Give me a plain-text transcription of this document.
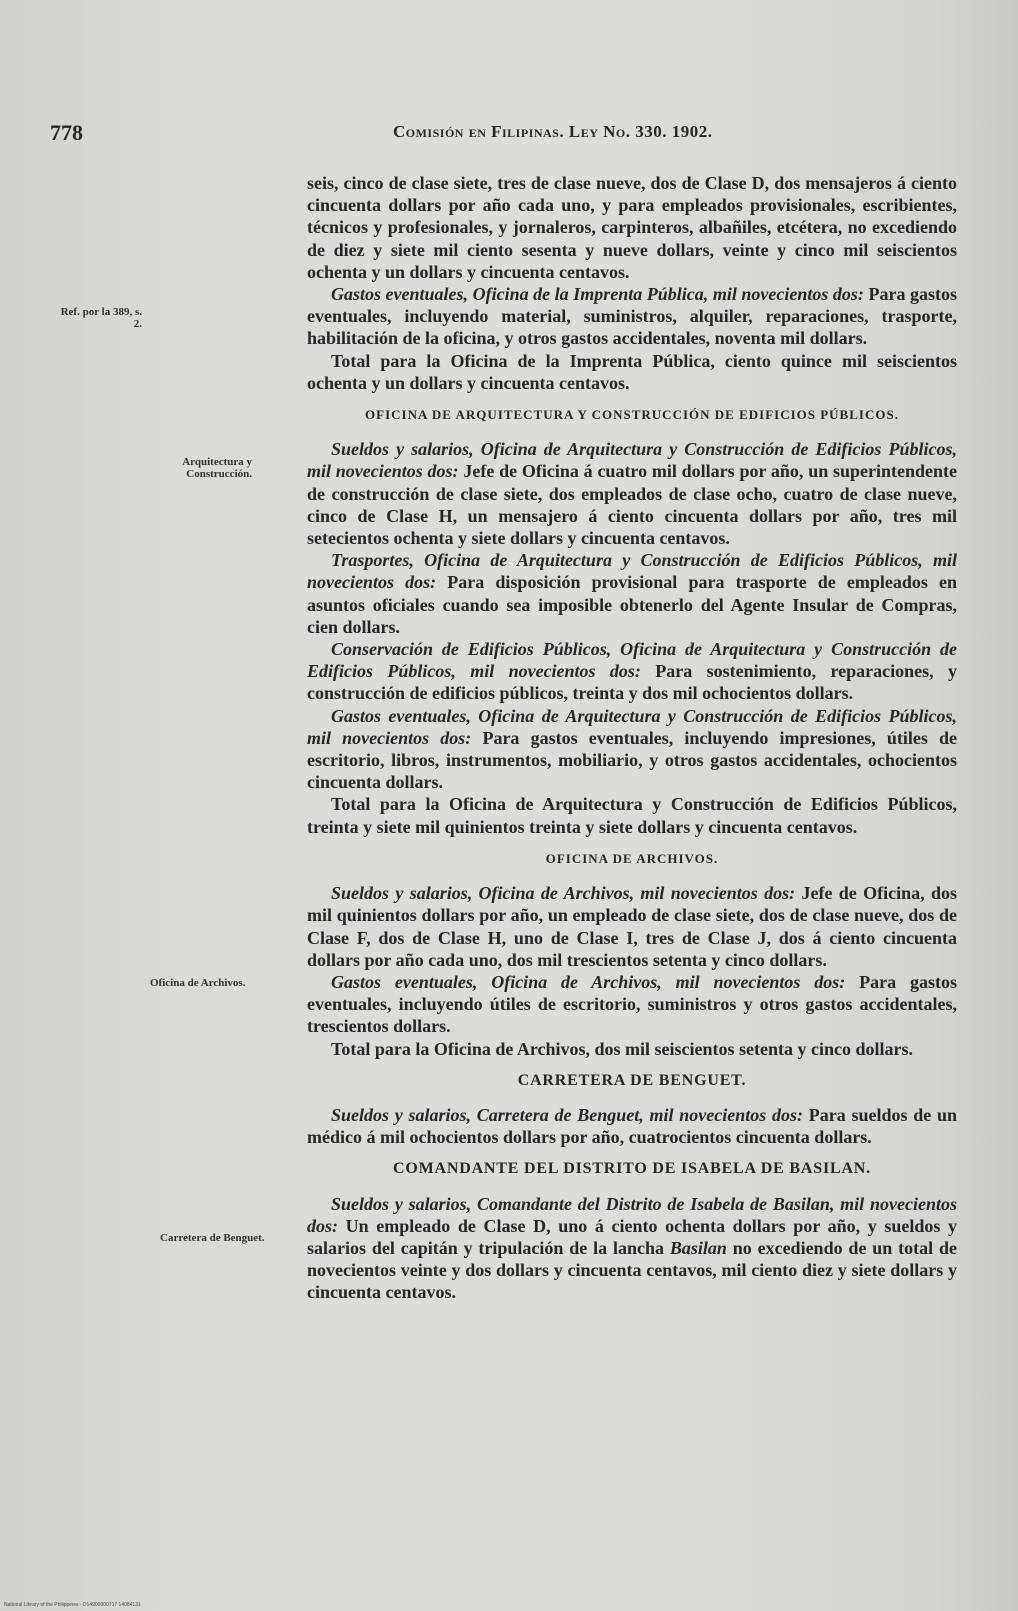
778	Comisión en Filipinas. Ley No. 330. 1902.
Ref. por la 389, s. 2.
Arquitectura y Construcción.
Oficina de Archivos.
Carretera de Benguet.

seis, cinco de clase siete, tres de clase nueve, dos de Clase D, dos mensajeros á ciento cincuenta dollars por año cada uno, y para empleados provisionales, escribientes, técnicos y profesionales, y jornaleros, carpinteros, albañiles, etcétera, no excediendo de diez y siete mil ciento sesenta y nueve dollars, veinte y cinco mil seiscientos ochenta y un dollars y cincuenta centavos.

Gastos eventuales, Oficina de la Imprenta Pública, mil novecientos dos: Para gastos eventuales, incluyendo material, suministros, alquiler, reparaciones, trasporte, habilitación de la oficina, y otros gastos accidentales, noventa mil dollars.

Total para la Oficina de la Imprenta Pública, ciento quince mil seiscientos ochenta y un dollars y cincuenta centavos.

OFICINA DE ARQUITECTURA Y CONSTRUCCIÓN DE EDIFICIOS PÚBLICOS.

Sueldos y salarios, Oficina de Arquitectura y Construcción de Edificios Públicos, mil novecientos dos: Jefe de Oficina á cuatro mil dollars por año, un superintendente de construcción de clase siete, dos empleados de clase ocho, cuatro de clase nueve, cinco de Clase H, un mensajero á ciento cincuenta dollars por año, tres mil setecientos ochenta y siete dollars y cincuenta centavos.

Trasportes, Oficina de Arquitectura y Construcción de Edificios Públicos, mil novecientos dos: Para disposición provisional para trasporte de empleados en asuntos oficiales cuando sea imposible obtenerlo del Agente Insular de Compras, cien dollars.

Conservación de Edificios Públicos, Oficina de Arquitectura y Construcción de Edificios Públicos, mil novecientos dos: Para sostenimiento, reparaciones, y construcción de edificios públicos, treinta y dos mil ochocientos dollars.

Gastos eventuales, Oficina de Arquitectura y Construcción de Edificios Públicos, mil novecientos dos: Para gastos eventuales, incluyendo impresiones, útiles de escritorio, libros, instrumentos, mobiliario, y otros gastos accidentales, ochocientos cincuenta dollars.

Total para la Oficina de Arquitectura y Construcción de Edificios Públicos, treinta y siete mil quinientos treinta y siete dollars y cincuenta centavos.

OFICINA DE ARCHIVOS.

Sueldos y salarios, Oficina de Archivos, mil novecientos dos: Jefe de Oficina, dos mil quinientos dollars por año, un empleado de clase siete, dos de clase nueve, dos de Clase F, dos de Clase H, uno de Clase I, tres de Clase J, dos á ciento cincuenta dollars por año cada uno, dos mil trescientos setenta y cinco dollars.

Gastos eventuales, Oficina de Archivos, mil novecientos dos: Para gastos eventuales, incluyendo útiles de escritorio, suministros y otros gastos accidentales, trescientos dollars.

Total para la Oficina de Archivos, dos mil seiscientos setenta y cinco dollars.

CARRETERA DE BENGUET.

Sueldos y salarios, Carretera de Benguet, mil novecientos dos: Para sueldos de un médico á mil ochocientos dollars por año, cuatrocientos cincuenta dollars.

COMANDANTE DEL DISTRITO DE ISABELA DE BASILAN.

Sueldos y salarios, Comandante del Distrito de Isabela de Basilan, mil novecientos dos: Un empleado de Clase D, uno á ciento ochenta dollars por año, y sueldos y salarios del capitán y tripulación de la lancha Basilan no excediendo de un total de novecientos veinte y dos dollars y cincuenta centavos, mil ciento diez y siete dollars y cincuenta centavos.

National Library of the Philippines · D14900000717 14084131
